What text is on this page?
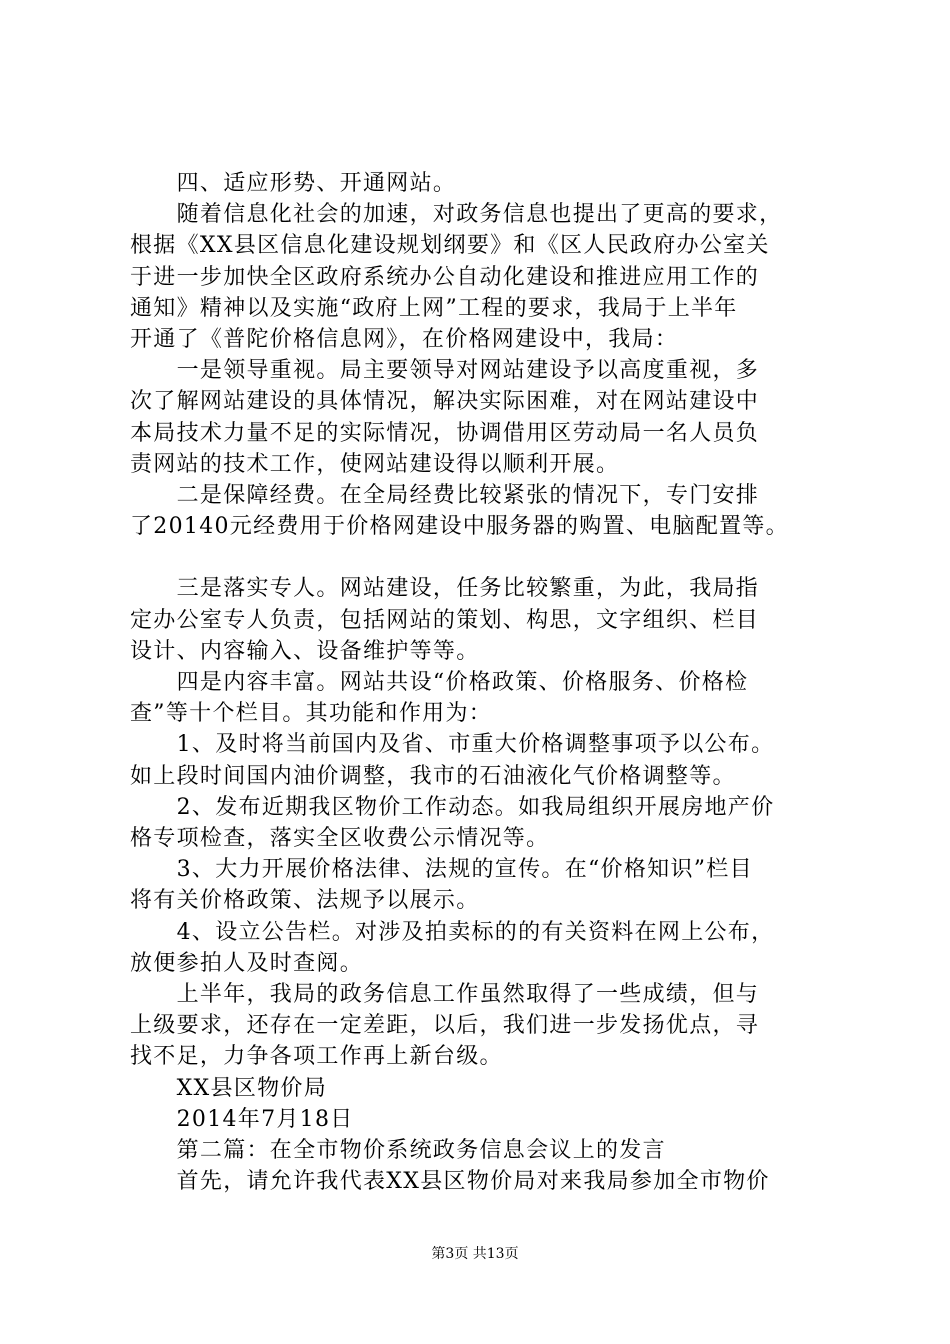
　　四、适应形势、开通网站。

　　随着信息化社会的加速，对政务信息也提出了更高的要求，
根据《XX县区信息化建设规划纲要》和《区人民政府办公室关
于进一步加快全区政府系统办公自动化建设和推进应用工作的
通知》精神以及实施“政府上网”工程的要求，我局于上半年
开通了《普陀价格信息网》，在价格网建设中，我局：

　　一是领导重视。局主要领导对网站建设予以高度重视，多
次了解网站建设的具体情况，解决实际困难，对在网站建设中
本局技术力量不足的实际情况，协调借用区劳动局一名人员负
责网站的技术工作，使网站建设得以顺利开展。

　　二是保障经费。在全局经费比较紧张的情况下，专门安排
了20140元经费用于价格网建设中服务器的购置、电脑配置等。

　　三是落实专人。网站建设，任务比较繁重，为此，我局指
定办公室专人负责，包括网站的策划、构思，文字组织、栏目
设计、内容输入、设备维护等等。

　　四是内容丰富。网站共设“价格政策、价格服务、价格检
查”等十个栏目。其功能和作用为：

　　1、及时将当前国内及省、市重大价格调整事项予以公布。
如上段时间国内油价调整，我市的石油液化气价格调整等。

　　2、发布近期我区物价工作动态。如我局组织开展房地产价
格专项检查，落实全区收费公示情况等。

　　3、大力开展价格法律、法规的宣传。在“价格知识”栏目
将有关价格政策、法规予以展示。

　　4、设立公告栏。对涉及拍卖标的的有关资料在网上公布，
放便参拍人及时查阅。

　　上半年，我局的政务信息工作虽然取得了一些成绩，但与
上级要求，还存在一定差距，以后，我们进一步发扬优点，寻
找不足，力争各项工作再上新台级。

　　XX县区物价局

　　2014年7月18日

　　第二篇：在全市物价系统政务信息会议上的发言

　　首先，请允许我代表XX县区物价局对来我局参加全市物价

第3页 共13页
